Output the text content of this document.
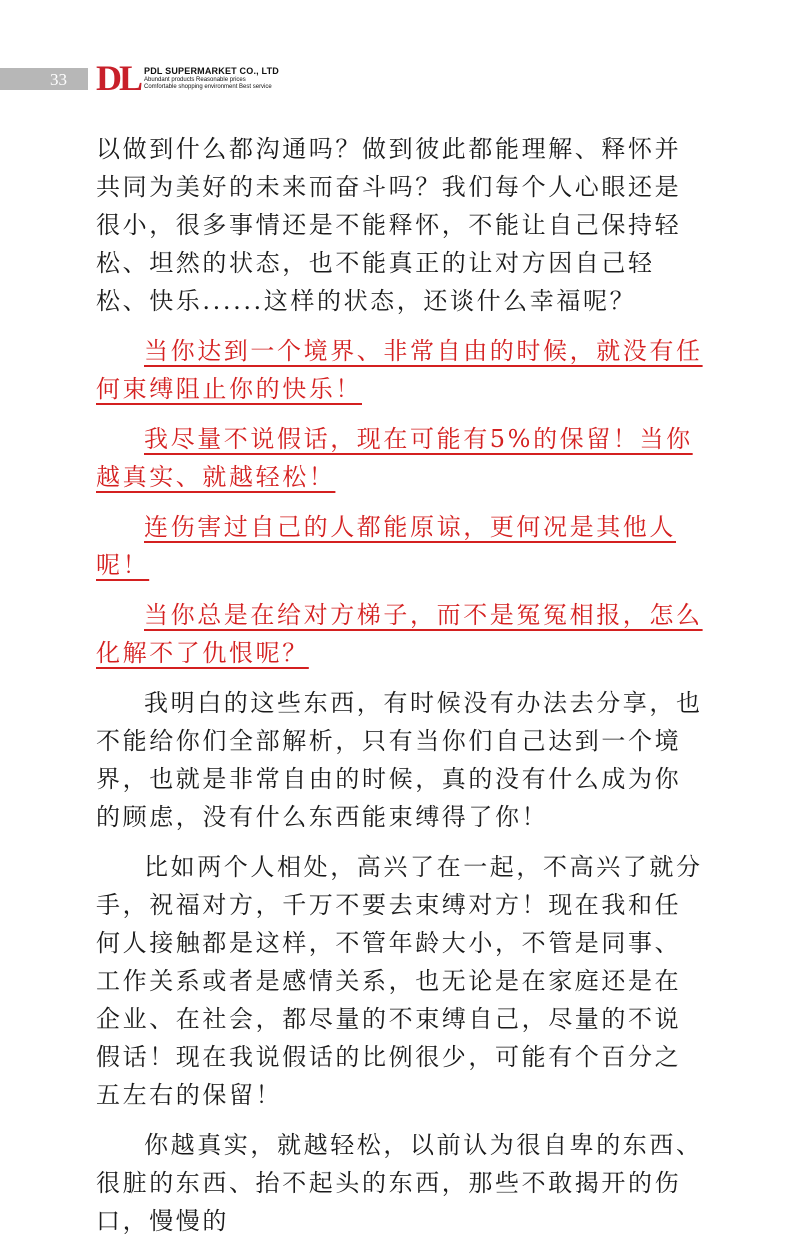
33 DL PDL SUPERMARKET CO., LTD
Abundant products Reasonable prices
Comfortable shopping environment Best service

以做到什么都沟通吗？做到彼此都能理解、释怀并共同为美好的未来而奋斗吗？我们每个人心眼还是很小，很多事情还是不能释怀，不能让自己保持轻松、坦然的状态，也不能真正的让对方因自己轻松、快乐......这样的状态，还谈什么幸福呢？

当你达到一个境界、非常自由的时候，就没有任何束缚阻止你的快乐！
我尽量不说假话，现在可能有5%的保留！当你越真实、就越轻松！
连伤害过自己的人都能原谅，更何况是其他人呢！
当你总是在给对方梯子，而不是冤冤相报，怎么化解不了仇恨呢？

我明白的这些东西，有时候没有办法去分享，也不能给你们全部解析，只有当你们自己达到一个境界，也就是非常自由的时候，真的没有什么成为你的顾虑，没有什么东西能束缚得了你！

比如两个人相处，高兴了在一起，不高兴了就分手，祝福对方，千万不要去束缚对方！现在我和任何人接触都是这样，不管年龄大小，不管是同事、工作关系或者是感情关系，也无论是在家庭还是在企业、在社会，都尽量的不束缚自己，尽量的不说假话！现在我说假话的比例很少，可能有个百分之五左右的保留！

你越真实，就越轻松，以前认为很自卑的东西、很脏的东西、抬不起头的东西，那些不敢揭开的伤口，慢慢的
